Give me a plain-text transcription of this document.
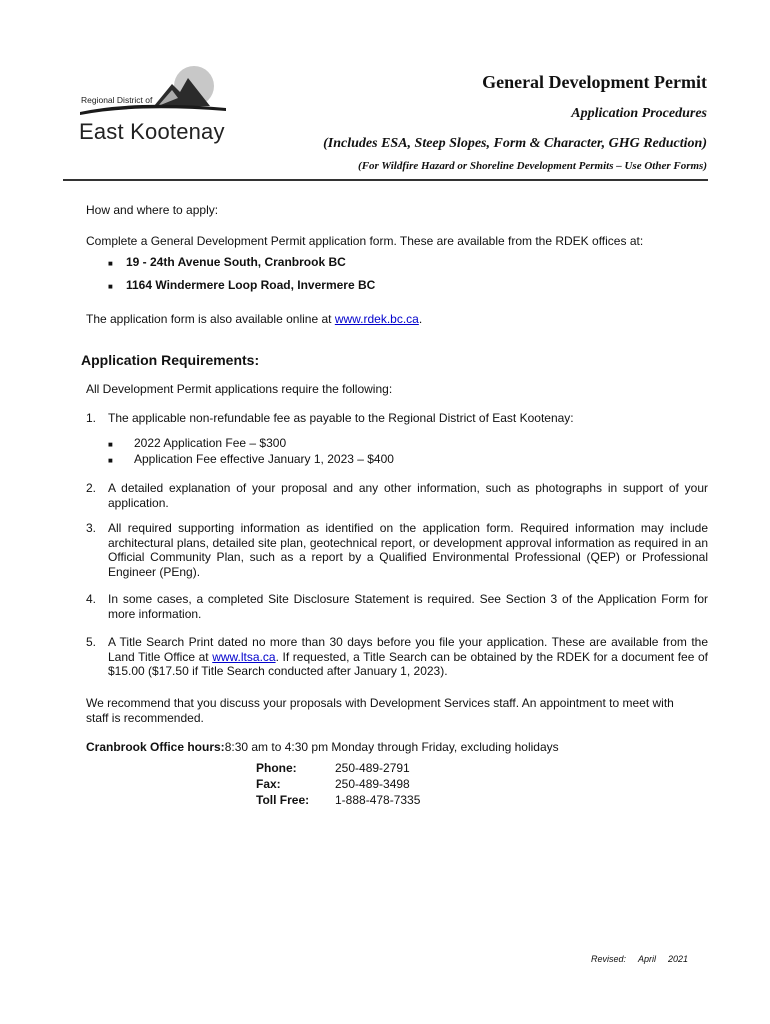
Regional District of
East Kootenay
General Development Permit
Application Procedures
(Includes ESA, Steep Slopes, Form & Character, GHG Reduction)
(For Wildfire Hazard or Shoreline Development Permits – Use Other Forms)
How and where to apply:
Complete a General Development Permit application form. These are available from the RDEK offices at:
■ 19 - 24th Avenue South, Cranbrook BC
■ 1164 Windermere Loop Road, Invermere BC
The application form is also available online at www.rdek.bc.ca.
Application Requirements:
All Development Permit applications require the following:
1. The applicable non-refundable fee as payable to the Regional District of East Kootenay:
■ 2022 Application Fee – $300
■ Application Fee effective January 1, 2023 – $400
2. A detailed explanation of your proposal and any other information, such as photographs in support of your application.
3. All required supporting information as identified on the application form. Required information may include architectural plans, detailed site plan, geotechnical report, or development approval information as required in an Official Community Plan, such as a report by a Qualified Environmental Professional (QEP) or Professional Engineer (PEng).
4. In some cases, a completed Site Disclosure Statement is required. See Section 3 of the Application Form for more information.
5. A Title Search Print dated no more than 30 days before you file your application. These are available from the Land Title Office at www.ltsa.ca. If requested, a Title Search can be obtained by the RDEK for a document fee of $15.00 ($17.50 if Title Search conducted after January 1, 2023).
We recommend that you discuss your proposals with Development Services staff. An appointment to meet with staff is recommended.
Cranbrook Office hours:8:30 am to 4:30 pm Monday through Friday, excluding holidays
Phone:	250-489-2791
Fax:	250-489-3498
Toll Free: 1-888-478-7335
Revised: April 2021
